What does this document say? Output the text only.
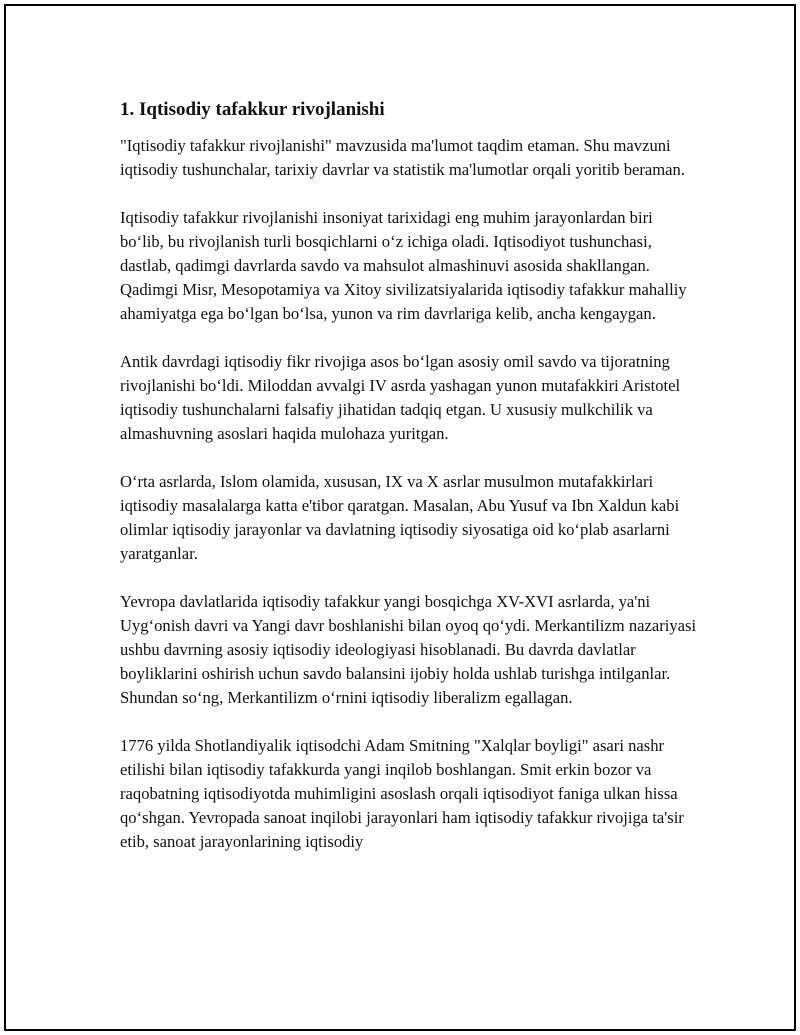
1. Iqtisodiy tafakkur rivojlanishi

"Iqtisodiy tafakkur rivojlanishi" mavzusida ma'lumot taqdim etaman. Shu mavzuni iqtisodiy tushunchalar, tarixiy davrlar va statistik ma'lumotlar orqali yoritib beraman.

Iqtisodiy tafakkur rivojlanishi insoniyat tarixidagi eng muhim jarayonlardan biri bo‘lib, bu rivojlanish turli bosqichlarni o‘z ichiga oladi. Iqtisodiyot tushunchasi, dastlab, qadimgi davrlarda savdo va mahsulot almashinuvi asosida shakllangan. Qadimgi Misr, Mesopotamiya va Xitoy sivilizatsiyalarida iqtisodiy tafakkur mahalliy ahamiyatga ega bo‘lgan bo‘lsa, yunon va rim davrlariga kelib, ancha kengaygan.

Antik davrdagi iqtisodiy fikr rivojiga asos bo‘lgan asosiy omil savdo va tijoratning rivojlanishi bo‘ldi. Miloddan avvalgi IV asrda yashagan yunon mutafakkiri Aristotel iqtisodiy tushunchalarni falsafiy jihatidan tadqiq etgan. U xususiy mulkchilik va almashuvning asoslari haqida mulohaza yuritgan.

O‘rta asrlarda, Islom olamida, xususan, IX va X asrlar musulmon mutafakkirlari iqtisodiy masalalarga katta e'tibor qaratgan. Masalan, Abu Yusuf va Ibn Xaldun kabi olimlar iqtisodiy jarayonlar va davlatning iqtisodiy siyosatiga oid ko‘plab asarlarni yaratganlar.

Yevropa davlatlarida iqtisodiy tafakkur yangi bosqichga XV-XVI asrlarda, ya'ni Uyg‘onish davri va Yangi davr boshlanishi bilan oyoq qo‘ydi. Merkantilizm nazariyasi ushbu davrning asosiy iqtisodiy ideologiyasi hisoblanadi. Bu davrda davlatlar boyliklarini oshirish uchun savdo balansini ijobiy holda ushlab turishga intilganlar. Shundan so‘ng, Merkantilizm o‘rnini iqtisodiy liberalizm egallagan.

1776 yilda Shotlandiyalik iqtisodchi Adam Smitning "Xalqlar boyligi" asari nashr etilishi bilan iqtisodiy tafakkurda yangi inqilob boshlangan. Smit erkin bozor va raqobatning iqtisodiyotda muhimligini asoslash orqali iqtisodiyot faniga ulkan hissa qo‘shgan. Yevropada sanoat inqilobi jarayonlari ham iqtisodiy tafakkur rivojiga ta'sir etib, sanoat jarayonlarining iqtisodiy
